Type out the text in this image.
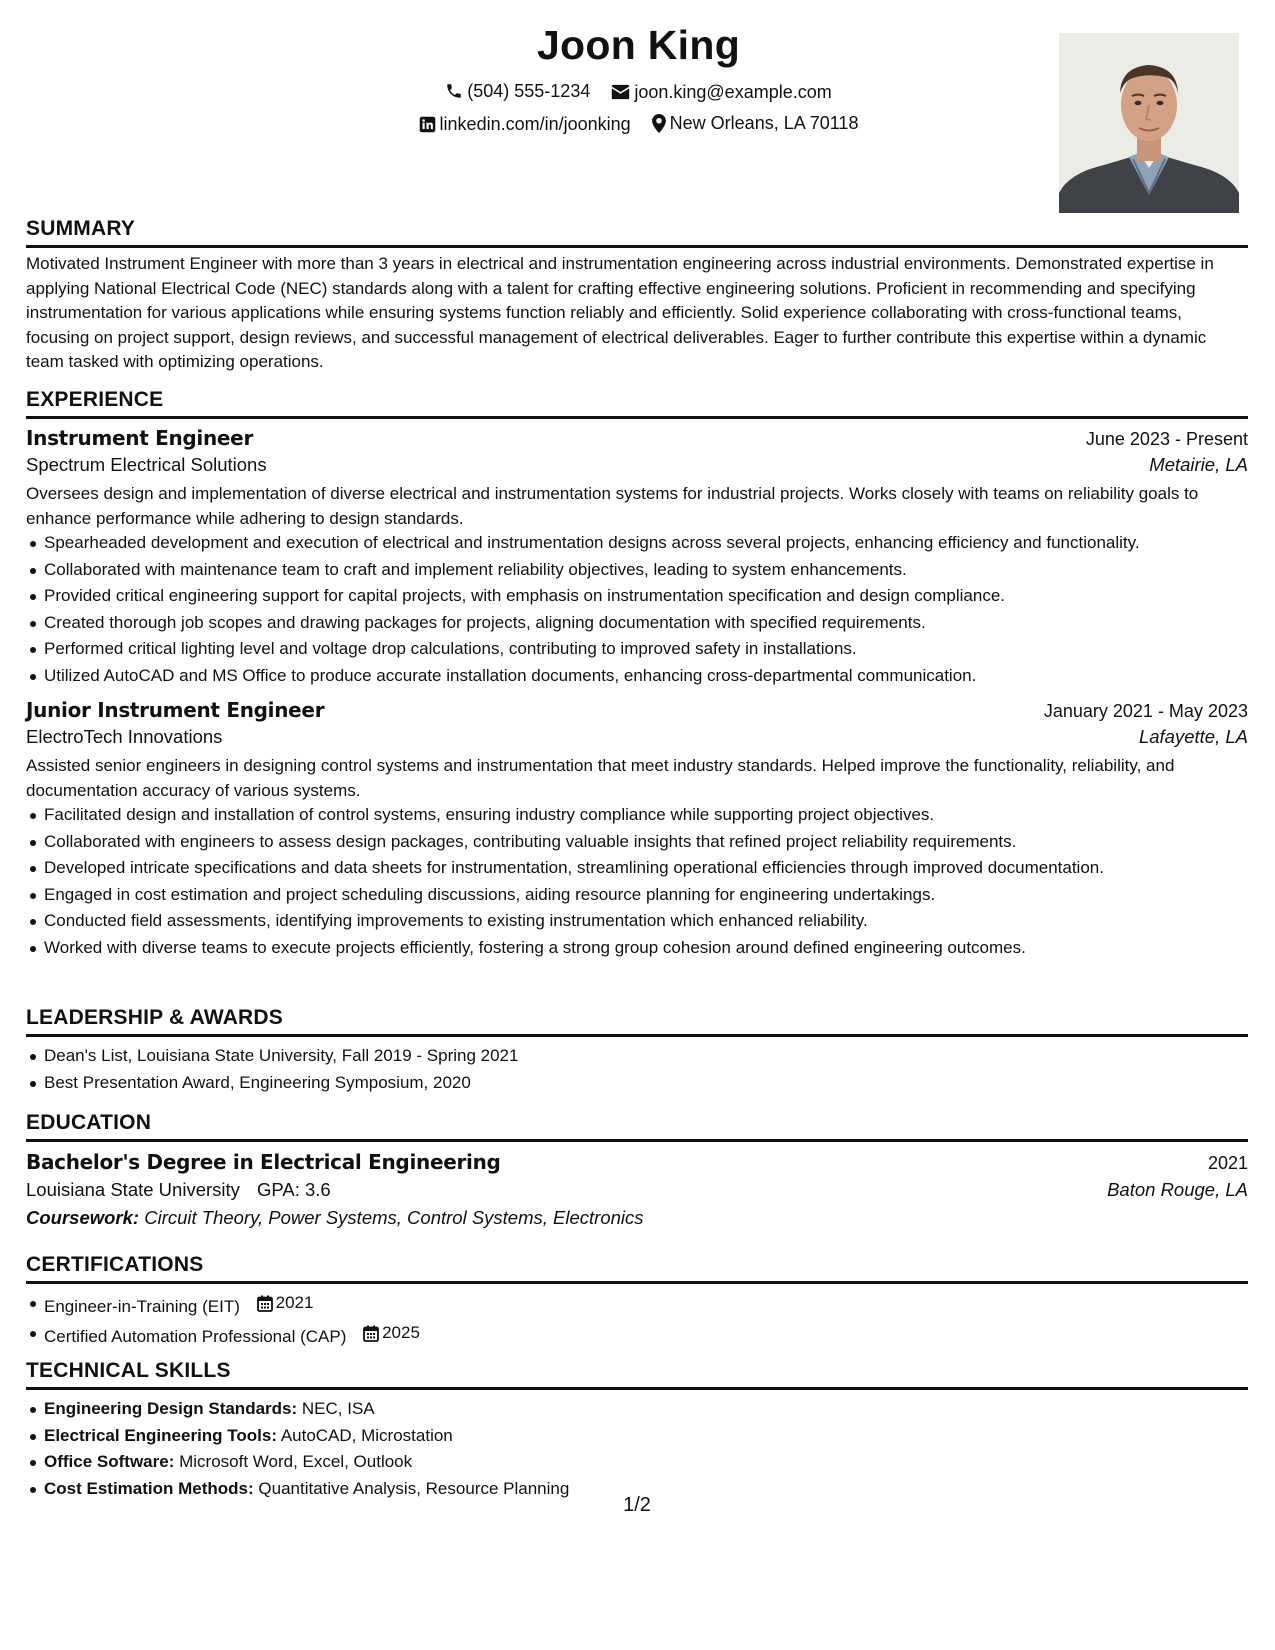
Joon King
(504) 555-1234
joon.king@example.com
linkedin.com/in/joonking
New Orleans, LA 70118
SUMMARY

Motivated Instrument Engineer with more than 3 years in electrical and instrumentation engineering across industrial environments. Demonstrated expertise in applying National Electrical Code (NEC) standards along with a talent for crafting effective engineering solutions. Proficient in recommending and specifying instrumentation for various applications while ensuring systems function reliably and efficiently. Solid experience collaborating with cross-functional teams, focusing on project support, design reviews, and successful management of electrical deliverables. Eager to further contribute this expertise within a dynamic team tasked with optimizing operations.

EXPERIENCE
Instrument Engineer	June 2023 - Present
Spectrum Electrical Solutions	Metairie, LA

Oversees design and implementation of diverse electrical and instrumentation systems for industrial projects. Works closely with teams on reliability goals to enhance performance while adhering to design standards.

Spearheaded development and execution of electrical and instrumentation designs across several projects, enhancing efficiency and functionality.
Collaborated with maintenance team to craft and implement reliability objectives, leading to system enhancements.
Provided critical engineering support for capital projects, with emphasis on instrumentation specification and design compliance.
Created thorough job scopes and drawing packages for projects, aligning documentation with specified requirements.
Performed critical lighting level and voltage drop calculations, contributing to improved safety in installations.
Utilized AutoCAD and MS Office to produce accurate installation documents, enhancing cross-departmental communication.
Junior Instrument Engineer	January 2021 - May 2023
ElectroTech Innovations	Lafayette, LA

Assisted senior engineers in designing control systems and instrumentation that meet industry standards. Helped improve the functionality, reliability, and documentation accuracy of various systems.

Facilitated design and installation of control systems, ensuring industry compliance while supporting project objectives.
Collaborated with engineers to assess design packages, contributing valuable insights that refined project reliability requirements.
Developed intricate specifications and data sheets for instrumentation, streamlining operational efficiencies through improved documentation.
Engaged in cost estimation and project scheduling discussions, aiding resource planning for engineering undertakings.
Conducted field assessments, identifying improvements to existing instrumentation which enhanced reliability.
Worked with diverse teams to execute projects efficiently, fostering a strong group cohesion around defined engineering outcomes.
LEADERSHIP & AWARDS
Dean's List, Louisiana State University, Fall 2019 - Spring 2021
Best Presentation Award, Engineering Symposium, 2020
EDUCATION
Bachelor's Degree in Electrical Engineering	2021
Louisiana State University GPA: 3.6	Baton Rouge, LA
Coursework: Circuit Theory, Power Systems, Control Systems, Electronics
CERTIFICATIONS
Engineer-in-Training (EIT) 2021
Certified Automation Professional (CAP) 2025
TECHNICAL SKILLS
Engineering Design Standards: NEC, ISA
Electrical Engineering Tools: AutoCAD, Microstation
Office Software: Microsoft Word, Excel, Outlook
Cost Estimation Methods: Quantitative Analysis, Resource Planning
1/2
